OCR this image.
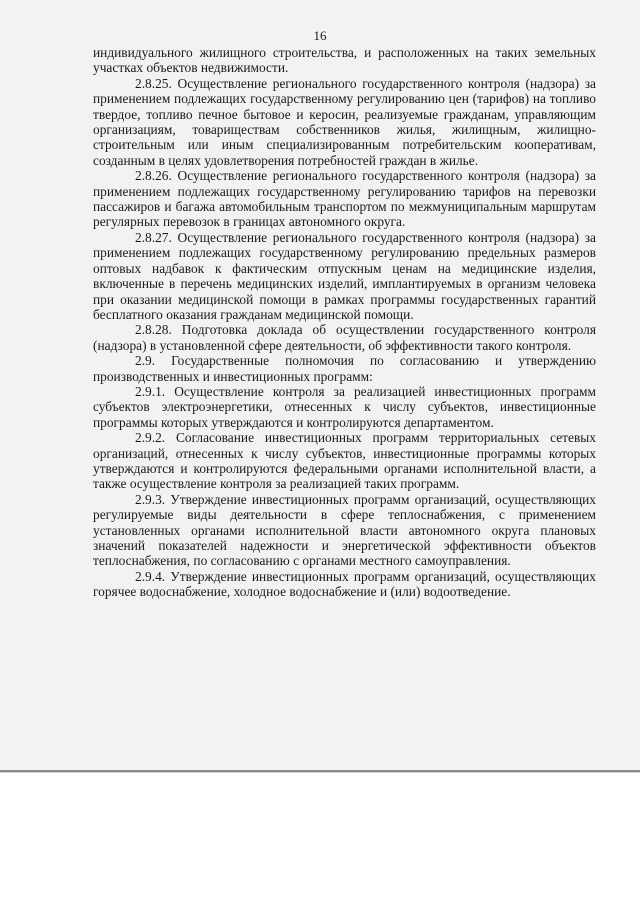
16

индивидуального жилищного строительства, и расположенных на таких земельных участках объектов недвижимости.

2.8.25. Осуществление регионального государственного контроля (надзора) за применением подлежащих государственному регулированию цен (тарифов) на топливо твердое, топливо печное бытовое и керосин, реализуемые гражданам, управляющим организациям, товариществам собственников жилья, жилищным, жилищно-строительным или иным специализированным потребительским кооперативам, созданным в целях удовлетворения потребностей граждан в жилье.

2.8.26. Осуществление регионального государственного контроля (надзора) за применением подлежащих государственному регулированию тарифов на перевозки пассажиров и багажа автомобильным транспортом по межмуниципальным маршрутам регулярных перевозок в границах автономного округа.

2.8.27. Осуществление регионального государственного контроля (надзора) за применением подлежащих государственному регулированию предельных размеров оптовых надбавок к фактическим отпускным ценам на медицинские изделия, включенные в перечень медицинских изделий, имплантируемых в организм человека при оказании медицинской помощи в рамках программы государственных гарантий бесплатного оказания гражданам медицинской помощи.

2.8.28. Подготовка доклада об осуществлении государственного контроля (надзора) в установленной сфере деятельности, об эффективности такого контроля.

2.9. Государственные полномочия по согласованию и утверждению производственных и инвестиционных программ:

2.9.1. Осуществление контроля за реализацией инвестиционных программ субъектов электроэнергетики, отнесенных к числу субъектов, инвестиционные программы которых утверждаются и контролируются департаментом.

2.9.2. Согласование инвестиционных программ территориальных сетевых организаций, отнесенных к числу субъектов, инвестиционные программы которых утверждаются и контролируются федеральными органами исполнительной власти, а также осуществление контроля за реализацией таких программ.

2.9.3. Утверждение инвестиционных программ организаций, осуществляющих регулируемые виды деятельности в сфере теплоснабжения, с применением установленных органами исполнительной власти автономного округа плановых значений показателей надежности и энергетической эффективности объектов теплоснабжения, по согласованию с органами местного самоуправления.

2.9.4. Утверждение инвестиционных программ организаций, осуществляющих горячее водоснабжение, холодное водоснабжение и (или) водоотведение.
